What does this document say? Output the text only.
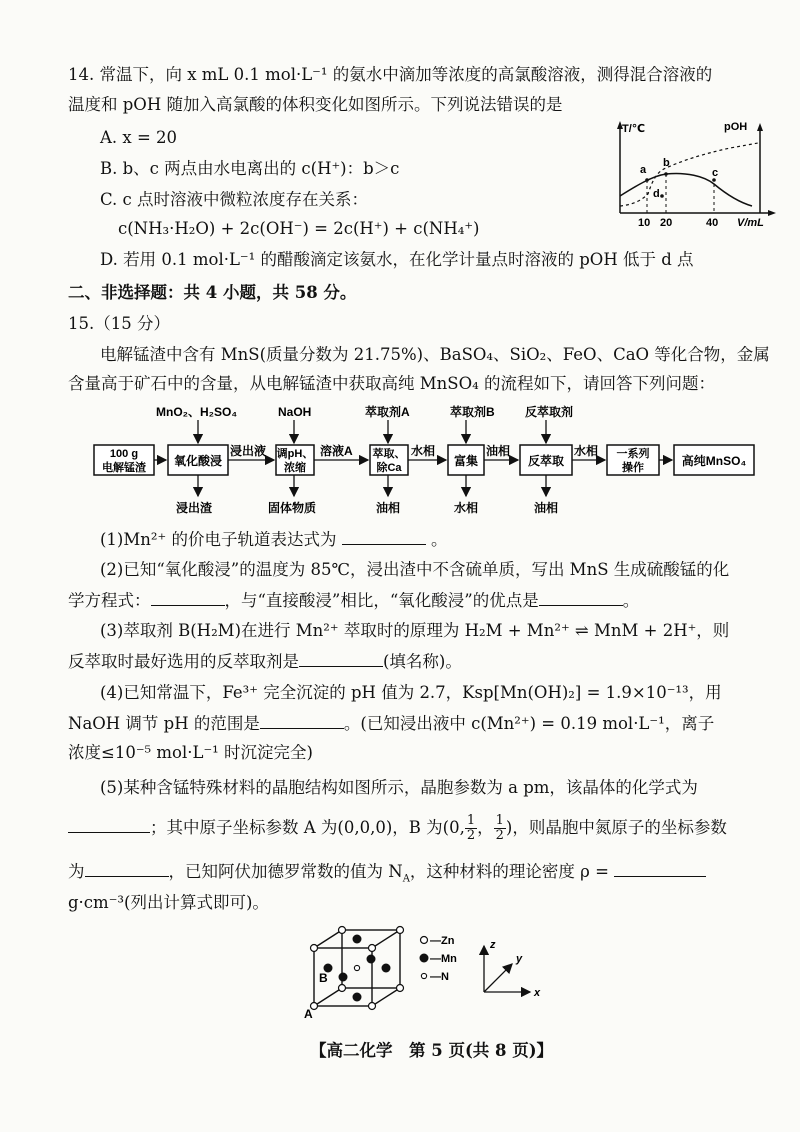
14. 常温下，向 x mL 0.1 mol·L⁻¹ 的氨水中滴加等浓度的高氯酸溶液，测得混合溶液的
温度和 pOH 随加入高氯酸的体积变化如图所示。下列说法错误的是
A. x = 20
B. b、c 两点由水电离出的 c(H⁺)：b＞c
C. c 点时溶液中微粒浓度存在关系：
c(NH₃·H₂O) + 2c(OH⁻) = 2c(H⁺) + c(NH₄⁺)
D. 若用 0.1 mol·L⁻¹ 的醋酸滴定该氨水，在化学计量点时溶液的 pOH 低于 d 点
T/℃	pOH
a
b
c
d
10 20	40 V/mL
二、非选择题：共 4 小题，共 58 分。
15.（15 分）
电解锰渣中含有 MnS(质量分数为 21.75%)、BaSO₄、SiO₂、FeO、CaO 等化合物，金属
含量高于矿石中的含量，从电解锰渣中获取高纯 MnSO₄ 的流程如下，请回答下列问题：
MnO₂、H₂SO₄	NaOH	萃取剂A	萃取剂B	反萃取剂
100 g
电解锰渣 氧化酸浸	调pH、
浓缩
萃取、
除Ca	富集	反萃取	一系列
操作	高纯MnSO₄
浸出液	溶液A	水相	油相	水相
浸出渣	固体物质	油相	水相	油相
(1)Mn²⁺ 的价电子轨道表达式为	。
(2)已知“氧化酸浸”的温度为 85℃，浸出渣中不含硫单质，写出 MnS 生成硫酸锰的化
学方程式：	，与“直接酸浸”相比，“氧化酸浸”的优点是	。
(3)萃取剂 B(H₂M)在进行 Mn²⁺ 萃取时的原理为 H₂M + Mn²⁺ ⇌ MnM + 2H⁺，则
反萃取时最好选用的反萃取剂是	(填名称)。
(4)已知常温下，Fe³⁺ 完全沉淀的 pH 值为 2.7，Ksp[Mn(OH)₂] = 1.9×10⁻¹³，用
NaOH 调节 pH 的范围是	。(已知浸出液中 c(Mn²⁺) = 0.19 mol·L⁻¹，离子
浓度≤10⁻⁵ mol·L⁻¹ 时沉淀完全)
(5)某种含锰特殊材料的晶胞结构如图所示，晶胞参数为 a pm，该晶体的化学式为
；其中原子坐标参数 A 为(0,0,0)，B 为(0, $\frac{1}{2}$ ， $\frac{1}{2}$ )，则晶胞中氮原子的坐标参数
为	，已知阿伏加德罗常数的值为 $N_A$，这种材料的理论密度 ρ =
g·cm⁻³(列出计算式即可)。
B
A
—Zn
—Mn
—N
z
y
x
【高二化学　第 5 页(共 8 页)】
